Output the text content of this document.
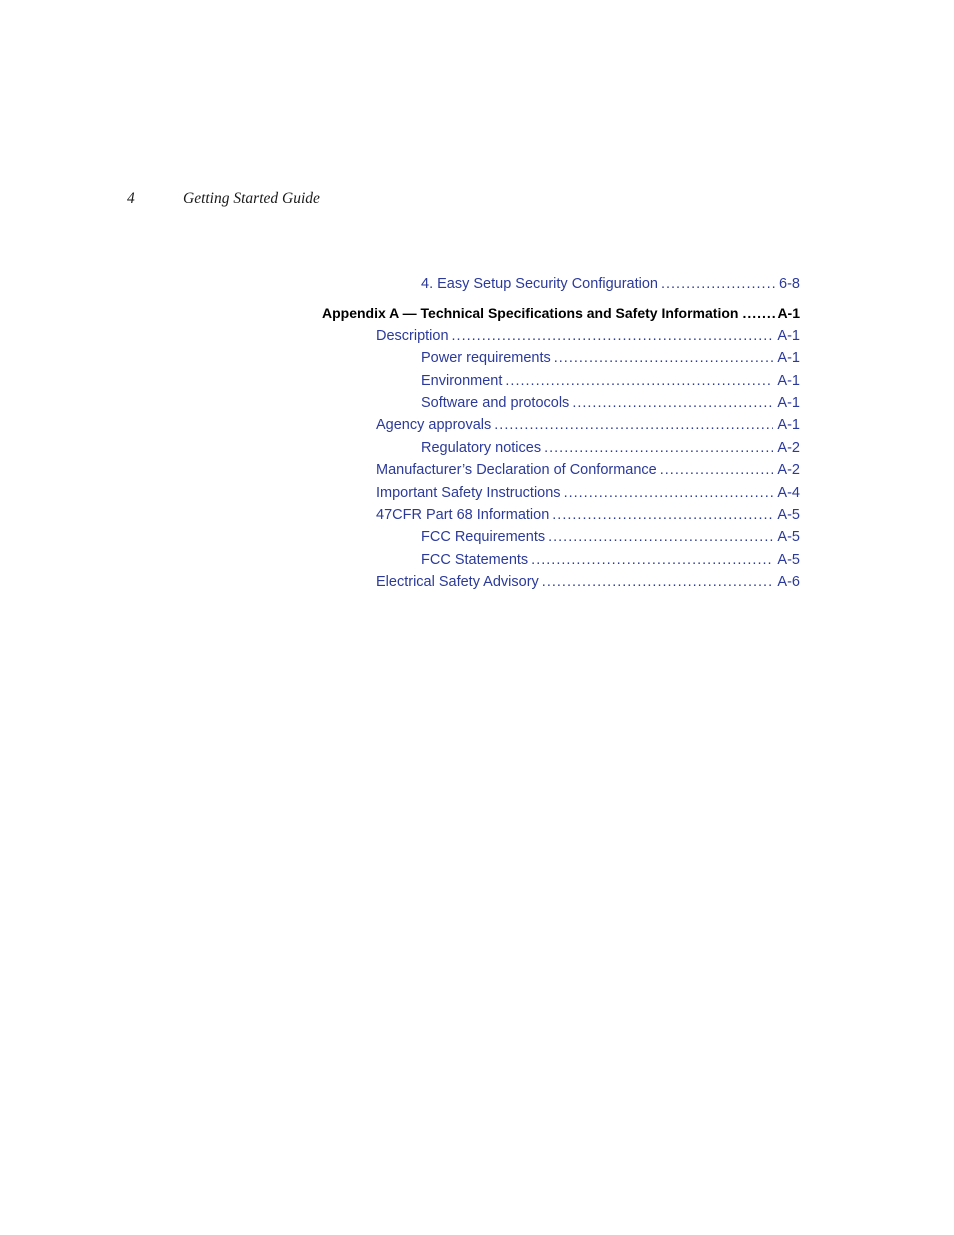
4	Getting Started Guide
4. Easy Setup Security Configuration .....	6-8
Appendix A — Technical Specifications and Safety Information .....	A-1
Description .....	A-1
Power requirements .....	A-1
Environment .....	A-1
Software and protocols .....	A-1
Agency approvals .....	A-1
Regulatory notices .....	A-2
Manufacturer’s Declaration of Conformance .....	A-2
Important Safety Instructions .....	A-4
47CFR Part 68 Information .....	A-5
FCC Requirements .....	A-5
FCC Statements .....	A-5
Electrical Safety Advisory .....	A-6
